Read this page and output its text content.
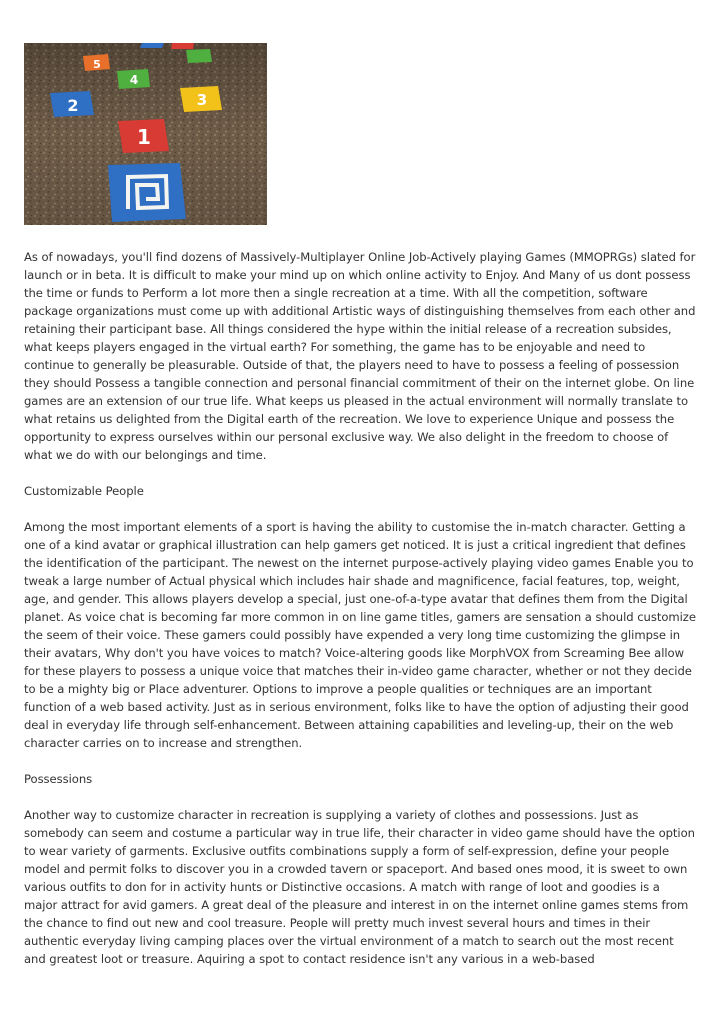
5
4
3
2
1

As of nowadays, you'll find dozens of Massively-Multiplayer Online Job-Actively playing Games (MMOPRGs) slated for launch or in beta. It is difficult to make your mind up on which online activity to Enjoy. And Many of us dont possess the time or funds to Perform a lot more then a single recreation at a time. With all the competition, software package organizations must come up with additional Artistic ways of distinguishing themselves from each other and retaining their participant base. All things considered the hype within the initial release of a recreation subsides, what keeps players engaged in the virtual earth? For something, the game has to be enjoyable and need to continue to generally be pleasurable. Outside of that, the players need to have to possess a feeling of possession they should Possess a tangible connection and personal financial commitment of their on the internet globe. On line games are an extension of our true life. What keeps us pleased in the actual environment will normally translate to what retains us delighted from the Digital earth of the recreation. We love to experience Unique and possess the opportunity to express ourselves within our personal exclusive way. We also delight in the freedom to choose of what we do with our belongings and time.

Customizable People

Among the most important elements of a sport is having the ability to customise the in-match character. Getting a one of a kind avatar or graphical illustration can help gamers get noticed. It is just a critical ingredient that defines the identification of the participant. The newest on the internet purpose-actively playing video games Enable you to tweak a large number of Actual physical which includes hair shade and magnificence, facial features, top, weight, age, and gender. This allows players develop a special, just one-of-a-type avatar that defines them from the Digital planet. As voice chat is becoming far more common in on line game titles, gamers are sensation a should customize the seem of their voice. These gamers could possibly have expended a very long time customizing the glimpse in their avatars, Why don't you have voices to match? Voice-altering goods like MorphVOX from Screaming Bee allow for these players to possess a unique voice that matches their in-video game character, whether or not they decide to be a mighty big or Place adventurer. Options to improve a people qualities or techniques are an important function of a web based activity. Just as in serious environment, folks like to have the option of adjusting their good deal in everyday life through self-enhancement. Between attaining capabilities and leveling-up, their on the web character carries on to increase and strengthen.

Possessions

Another way to customize character in recreation is supplying a variety of clothes and possessions. Just as somebody can seem and costume a particular way in true life, their character in video game should have the option to wear variety of garments. Exclusive outfits combinations supply a form of self-expression, define your people model and permit folks to discover you in a crowded tavern or spaceport. And based ones mood, it is sweet to own various outfits to don for in activity hunts or Distinctive occasions. A match with range of loot and goodies is a major attract for avid gamers. A great deal of the pleasure and interest in on the internet online games stems from the chance to find out new and cool treasure. People will pretty much invest several hours and times in their authentic everyday living camping places over the virtual environment of a match to search out the most recent and greatest loot or treasure. Aquiring a spot to contact residence isn't any various in a web-based
